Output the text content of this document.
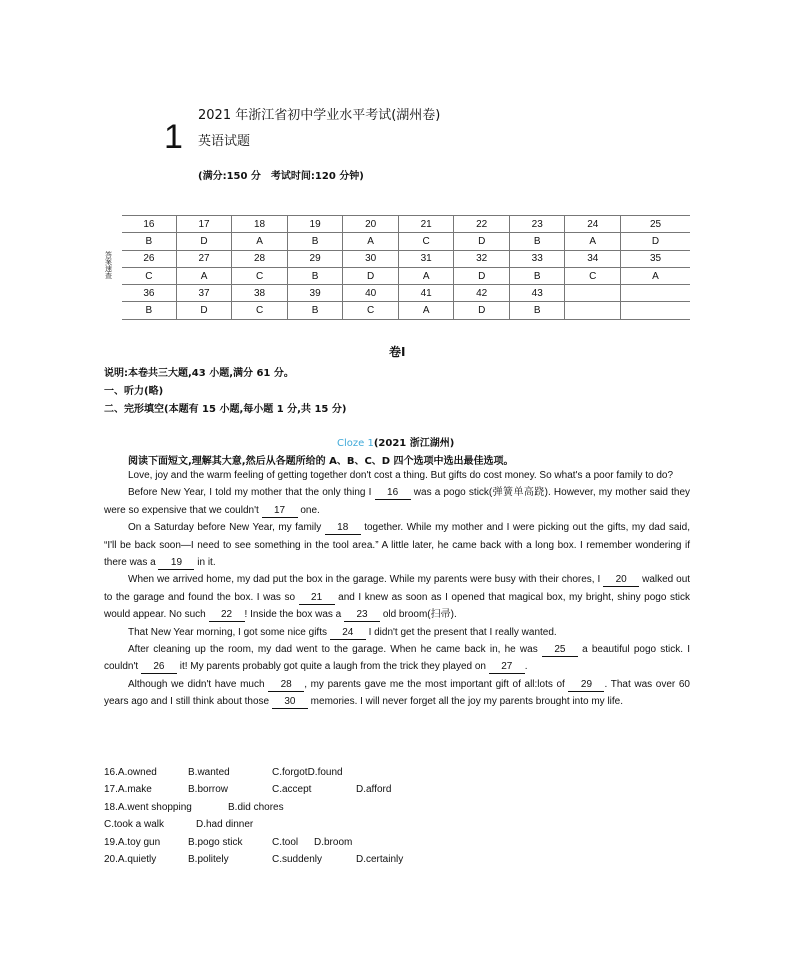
1
2021 年浙江省初中学业水平考试(湖州卷)
英语试题
(满分:150 分　考试时间:120 分钟)
答案速查
16	17	18	19	20	21	22	23	24	25
B	D	A	B	A	C	D	B	A	D
26	27	28	29	30	31	32	33	34	35
C	A	C	B	D	A	D	B	C	A
36	37	38	39	40	41	42	43		
B	D	C	B	C	A	D	B		
卷Ⅰ
说明:本卷共三大题,43 小题,满分 61 分。
一、听力(略)
二、完形填空(本题有 15 小题,每小题 1 分,共 15 分)
Cloze 1(2021 浙江湖州)
阅读下面短文,理解其大意,然后从各题所给的 A、B、C、D 四个选项中选出最佳选项。

Love, joy and the warm feeling of getting together don't cost a thing. But gifts do cost money. So what's a poor family to do?

Before New Year, I told my mother that the only thing I 16 was a pogo stick(弹簧单高跷). However, my mother said they were so expensive that we couldn't 17 one.

On a Saturday before New Year, my family 18 together. While my mother and I were picking out the gifts, my dad said, “I'll be back soon—I need to see something in the tool area.” A little later, he came back with a long box. I remember wondering if there was a 19 in it.

When we arrived home, my dad put the box in the garage. While my parents were busy with their chores, I 20 walked out to the garage and found the box. I was so 21 and I knew as soon as I opened that magical box, my bright, shiny pogo stick would appear. No such 22 ! Inside the box was a 23 old broom(扫帚).

That New Year morning, I got some nice gifts 24 I didn't get the present that I really wanted.

After cleaning up the room, my dad went to the garage. When he came back in, he was 25 a beautiful pogo stick. I couldn't 26 it! My parents probably got quite a laugh from the trick they played on 27 .

Although we didn't have much 28 , my parents gave me the most important gift of all:lots of 29 . That was over 60 years ago and I still think about those 30 memories. I will never forget all the joy my parents brought into my life.

16.A.owned	B.wanted	C.forgotD.found
17.A.make	B.borrow	C.accept	D.afford
18.A.went shopping	B.did chores
C.took a walk	D.had dinner
19.A.toy gun	B.pogo stick	C.tool D.broom
20.A.quietly	B.politely	C.suddenly	D.certainly
